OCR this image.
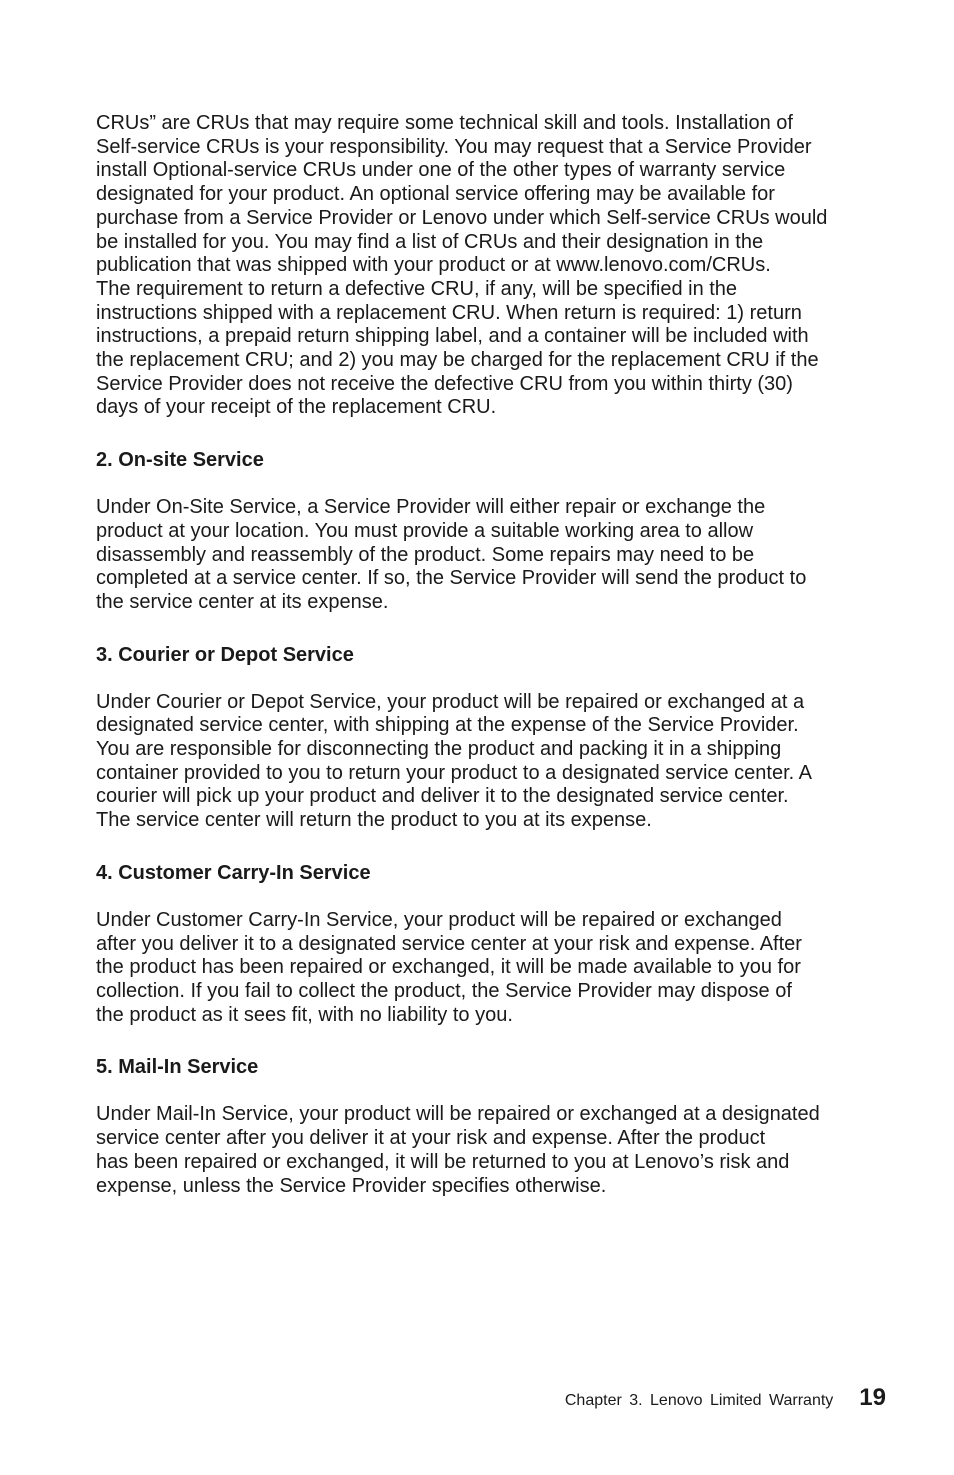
CRUs” are CRUs that may require some technical skill and tools. Installation of
Self-service CRUs is your responsibility. You may request that a Service Provider
install Optional-service CRUs under one of the other types of warranty service
designated for your product. An optional service offering may be available for
purchase from a Service Provider or Lenovo under which Self-service CRUs would
be installed for you. You may find a list of CRUs and their designation in the
publication that was shipped with your product or at www.lenovo.com/CRUs.
The requirement to return a defective CRU, if any, will be specified in the
instructions shipped with a replacement CRU. When return is required: 1) return
instructions, a prepaid return shipping label, and a container will be included with
the replacement CRU; and 2) you may be charged for the replacement CRU if the
Service Provider does not receive the defective CRU from you within thirty (30)
days of your receipt of the replacement CRU.

2. On-site Service

Under On-Site Service, a Service Provider will either repair or exchange the
product at your location. You must provide a suitable working area to allow
disassembly and reassembly of the product. Some repairs may need to be
completed at a service center. If so, the Service Provider will send the product to
the service center at its expense.

3. Courier or Depot Service

Under Courier or Depot Service, your product will be repaired or exchanged at a
designated service center, with shipping at the expense of the Service Provider.
You are responsible for disconnecting the product and packing it in a shipping
container provided to you to return your product to a designated service center. A
courier will pick up your product and deliver it to the designated service center.
The service center will return the product to you at its expense.

4. Customer Carry-In Service

Under Customer Carry-In Service, your product will be repaired or exchanged
after you deliver it to a designated service center at your risk and expense. After
the product has been repaired or exchanged, it will be made available to you for
collection. If you fail to collect the product, the Service Provider may dispose of
the product as it sees fit, with no liability to you.

5. Mail-In Service

Under Mail-In Service, your product will be repaired or exchanged at a designated
service center after you deliver it at your risk and expense. After the product
has been repaired or exchanged, it will be returned to you at Lenovo’s risk and
expense, unless the Service Provider specifies otherwise.

Chapter 3. Lenovo Limited Warranty 19
